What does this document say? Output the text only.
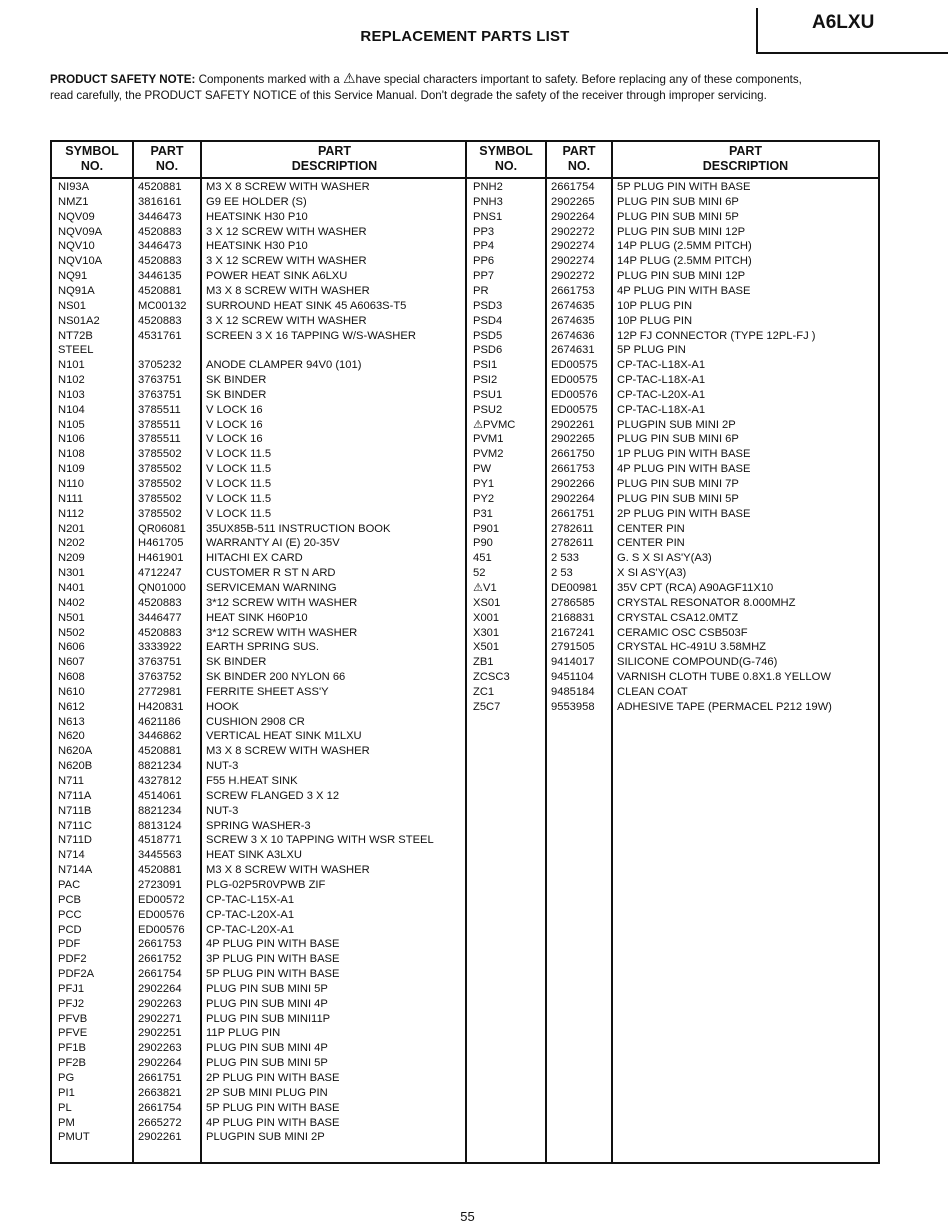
REPLACEMENT PARTS LIST
A6LXU
PRODUCT SAFETY NOTE: Components marked with a ⚠have special characters important to safety. Before replacing any of these components,
read carefully, the PRODUCT SAFETY NOTICE of this Service Manual. Don't degrade the safety of the receiver through improper servicing.
SYMBOL
NO.
PART
NO.
PART
DESCRIPTION
NI93A	4520881 M3 X 8 SCREW WITH WASHER
NMZ1	3816161 G9 EE HOLDER (S)
NQV09	3446473 HEATSINK H30 P10
NQV09A	4520883 3 X 12 SCREW WITH WASHER
NQV10	3446473 HEATSINK H30 P10
NQV10A	4520883 3 X 12 SCREW WITH WASHER
NQ91	3446135 POWER HEAT SINK A6LXU
NQ91A	4520881 M3 X 8 SCREW WITH WASHER
NS01	MC00132 SURROUND HEAT SINK 45 A6063S-T5
NS01A2	4520883 3 X 12 SCREW WITH WASHER
NT72B	4531761 SCREEN 3 X 16 TAPPING W/S-WASHER
STEEL
N101	3705232 ANODE CLAMPER 94V0 (101)
N102	3763751 SK BINDER
N103	3763751 SK BINDER
N104	3785511 V LOCK 16
N105	3785511 V LOCK 16
N106	3785511 V LOCK 16
N108	3785502 V LOCK 11.5
N109	3785502 V LOCK 11.5
N110	3785502 V LOCK 11.5
N111	3785502 V LOCK 11.5
N112	3785502 V LOCK 11.5
N201	QR06081 35UX85B-511 INSTRUCTION BOOK
N202	H461705 WARRANTY AI (E) 20-35V
N209	H461901 HITACHI EX CARD
N301	4712247 CUSTOMER R ST N ARD
N401	QN01000 SERVICEMAN WARNING
N402	4520883 3*12 SCREW WITH WASHER
N501	3446477 HEAT SINK H60P10
N502	4520883 3*12 SCREW WITH WASHER
N606	3333922 EARTH SPRING SUS.
N607	3763751 SK BINDER
N608	3763752 SK BINDER 200 NYLON 66
N610	2772981 FERRITE SHEET ASS'Y
N612	H420831 HOOK
N613	4621186 CUSHION 2908 CR
N620	3446862 VERTICAL HEAT SINK M1LXU
N620A	4520881 M3 X 8 SCREW WITH WASHER
N620B	8821234 NUT-3
N711	4327812 F55 H.HEAT SINK
N711A	4514061 SCREW FLANGED 3 X 12
N711B	8821234 NUT-3
N711C	8813124 SPRING WASHER-3
N711D	4518771 SCREW 3 X 10 TAPPING WITH WSR STEEL
N714	3445563 HEAT SINK A3LXU
N714A	4520881 M3 X 8 SCREW WITH WASHER
PAC	2723091 PLG-02P5R0VPWB ZIF
PCB	ED00572 CP-TAC-L15X-A1
PCC	ED00576 CP-TAC-L20X-A1
PCD	ED00576 CP-TAC-L20X-A1
PDF	2661753 4P PLUG PIN WITH BASE
PDF2	2661752 3P PLUG PIN WITH BASE
PDF2A	2661754 5P PLUG PIN WITH BASE
PFJ1	2902264 PLUG PIN SUB MINI 5P
PFJ2	2902263 PLUG PIN SUB MINI 4P
PFVB	2902271 PLUG PIN SUB MINI11P
PFVE	2902251 11P PLUG PIN
PF1B	2902263 PLUG PIN SUB MINI 4P
PF2B	2902264 PLUG PIN SUB MINI 5P
PG	2661751 2P PLUG PIN WITH BASE
PI1	2663821 2P SUB MINI PLUG PIN
PL	2661754 5P PLUG PIN WITH BASE
PM	2665272 4P PLUG PIN WITH BASE
PMUT	2902261 PLUGPIN SUB MINI 2P
SYMBOL
NO.
PART
NO.
PART
DESCRIPTION
PNH2	2661754 5P PLUG PIN WITH BASE
PNH3	2902265 PLUG PIN SUB MINI 6P
PNS1	2902264 PLUG PIN SUB MINI 5P
PP3	2902272 PLUG PIN SUB MINI 12P
PP4	2902274 14P PLUG (2.5MM PITCH)
PP6	2902274 14P PLUG (2.5MM PITCH)
PP7	2902272 PLUG PIN SUB MINI 12P
PR	2661753 4P PLUG PIN WITH BASE
PSD3	2674635 10P PLUG PIN
PSD4	2674635 10P PLUG PIN
PSD5	2674636 12P FJ CONNECTOR (TYPE 12PL-FJ )
PSD6	2674631 5P PLUG PIN
PSI1	ED00575 CP-TAC-L18X-A1
PSI2	ED00575 CP-TAC-L18X-A1
PSU1	ED00576 CP-TAC-L20X-A1
PSU2	ED00575 CP-TAC-L18X-A1
⚠PVMC	2902261 PLUGPIN SUB MINI 2P
PVM1	2902265 PLUG PIN SUB MINI 6P
PVM2	2661750 1P PLUG PIN WITH BASE
PW	2661753 4P PLUG PIN WITH BASE
PY1	2902266 PLUG PIN SUB MINI 7P
PY2	2902264 PLUG PIN SUB MINI 5P
P31	2661751 2P PLUG PIN WITH BASE
P901	2782611 CENTER PIN
P90	2782611 CENTER PIN
451	2 533	G. S X SI AS'Y(A3)
52	2 53	X SI AS'Y(A3)
⚠V1	DE00981 35V CPT (RCA) A90AGF11X10
XS01	2786585 CRYSTAL RESONATOR 8.000MHZ
X001	2168831 CRYSTAL CSA12.0MTZ
X301	2167241 CERAMIC OSC CSB503F
X501	2791505 CRYSTAL HC-491U 3.58MHZ
ZB1	9414017 SILICONE COMPOUND(G-746)
ZCSC3	9451104 VARNISH CLOTH TUBE 0.8X1.8 YELLOW
ZC1	9485184 CLEAN COAT
Z5C7	9553958 ADHESIVE TAPE (PERMACEL P212 19W)
55
